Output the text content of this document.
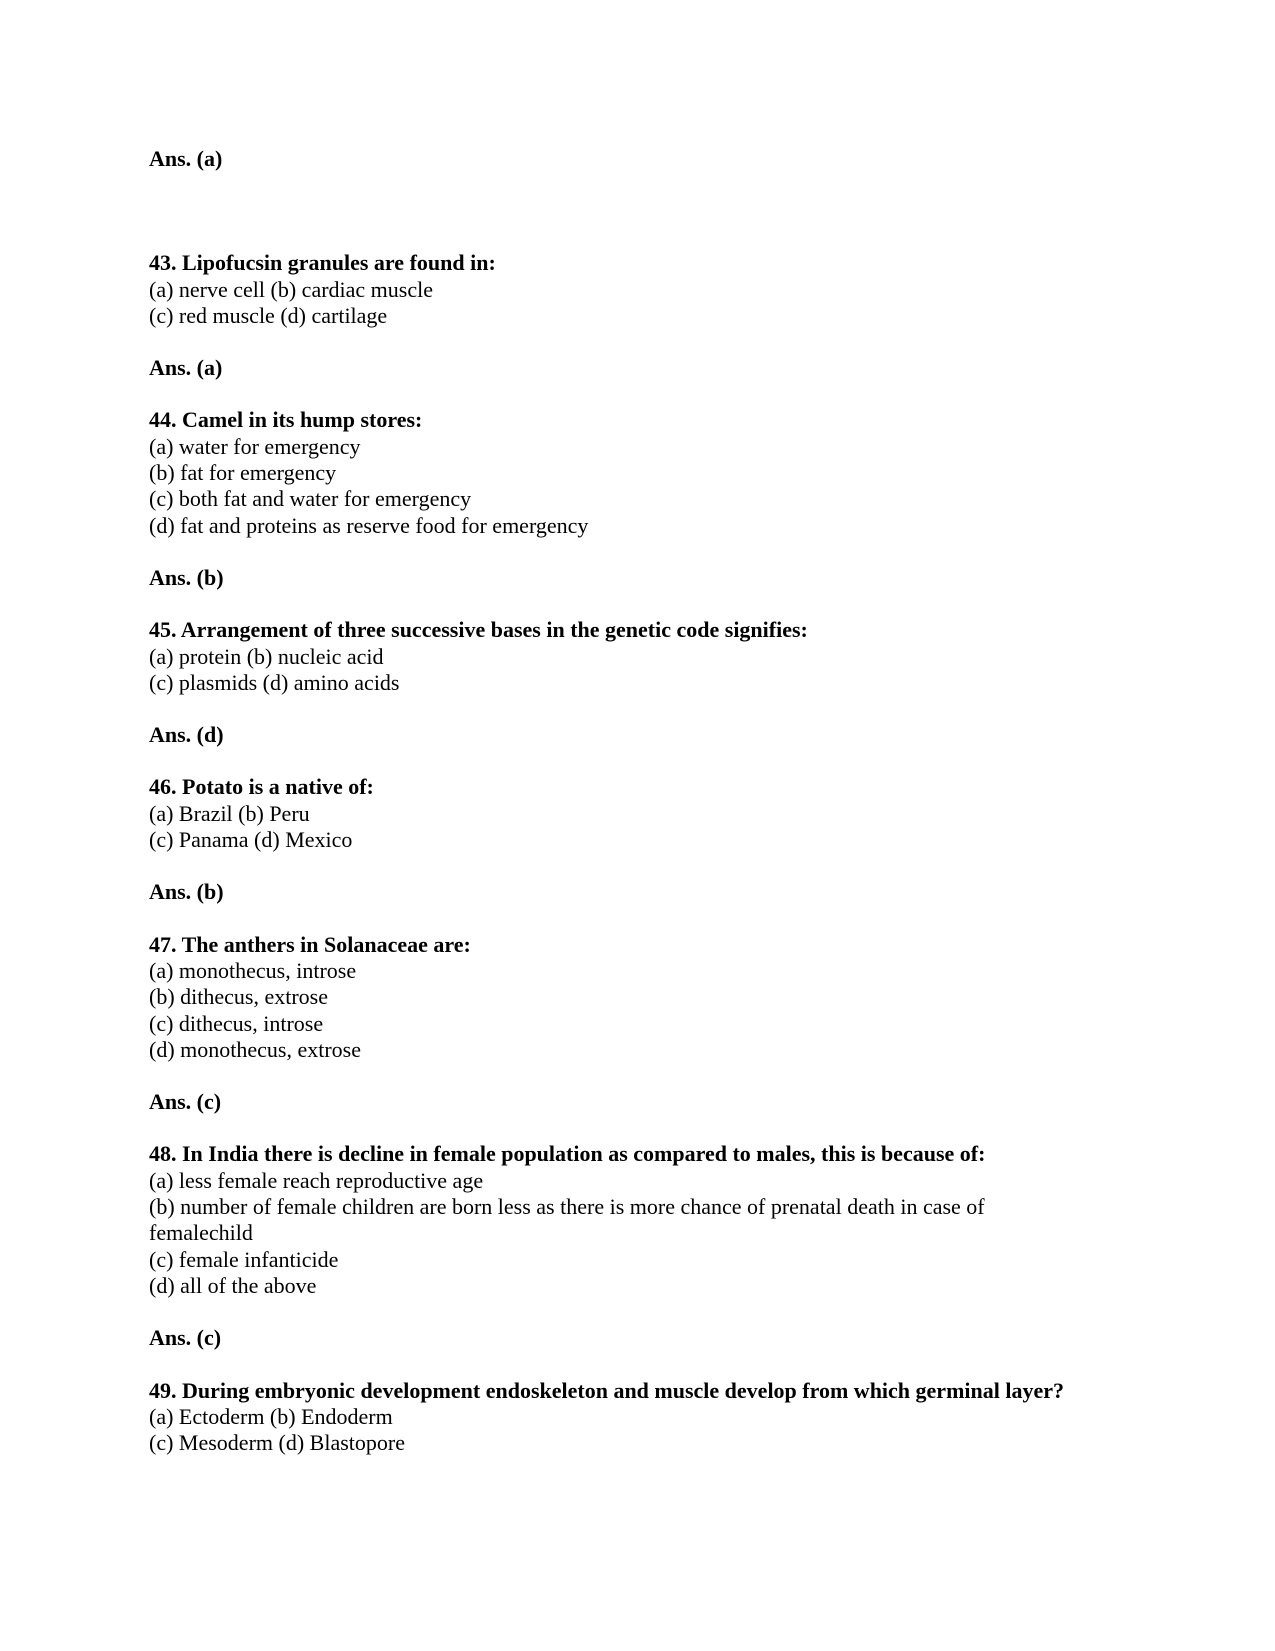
Ans. (a)
43. Lipofucsin granules are found in:
(a) nerve cell (b) cardiac muscle
(c) red muscle (d) cartilage
Ans. (a)
44. Camel in its hump stores:
(a) water for emergency
(b) fat for emergency
(c) both fat and water for emergency
(d) fat and proteins as reserve food for emergency
Ans. (b)
45. Arrangement of three successive bases in the genetic code signifies:
(a) protein (b) nucleic acid
(c) plasmids (d) amino acids
Ans. (d)
46. Potato is a native of:
(a) Brazil (b) Peru
(c) Panama (d) Mexico
Ans. (b)
47. The anthers in Solanaceae are:
(a) monothecus, introse
(b) dithecus, extrose
(c) dithecus, introse
(d) monothecus, extrose
Ans. (c)
48. In India there is decline in female population as compared to males, this is because of:
(a) less female reach reproductive age
(b) number of female children are born less as there is more chance of prenatal death in case of
femalechild
(c) female infanticide
(d) all of the above
Ans. (c)
49. During embryonic development endoskeleton and muscle develop from which germinal layer?
(a) Ectoderm (b) Endoderm
(c) Mesoderm (d) Blastopore
